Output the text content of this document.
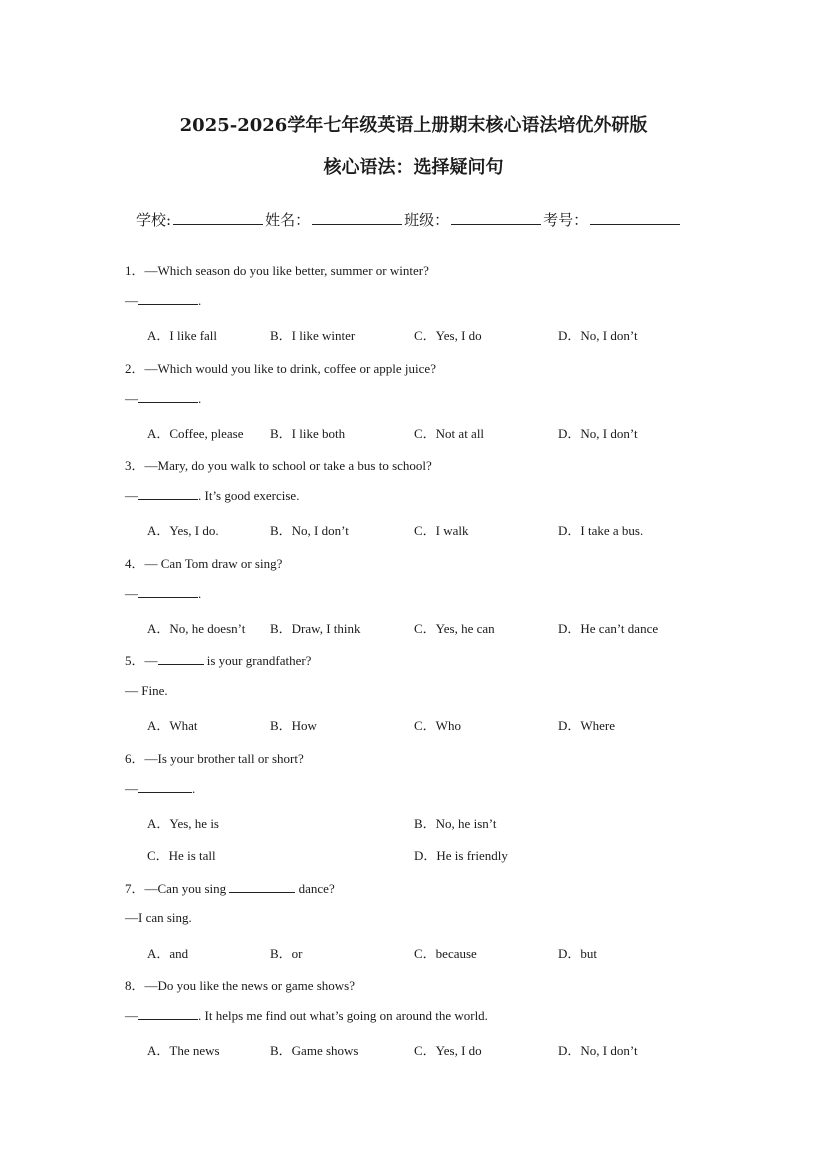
2025-2026学年七年级英语上册期末核心语法培优外研版
核心语法：选择疑问句
学校:	姓名：	班级：	考号：
1．—Which season do you like better, summer or winter?
—	.
A．I like fall	B．I like winter	C．Yes, I do	D．No, I don’t
2．—Which would you like to drink, coffee or apple juice?
—	.
A．Coffee, please B．I like both	C．Not at all	D．No, I don’t
3．—Mary, do you walk to school or take a bus to school?
—	. It’s good exercise.
A．Yes, I do.	B．No, I don’t	C．I walk	D．I take a bus.
4．— Can Tom draw or sing?
—	.
A．No, he doesn’t B．Draw, I think	C．Yes, he can	D．He can’t dance
5．—	is your grandfather?
— Fine.
A．What	B．How	C．Who	D．Where
6．—Is your brother tall or short?
—	.
A．Yes, he is	B．No, he isn’t
C．He is tall	D．He is friendly
7．—Can you sing	dance?
—I can sing.
A．and	B．or	C．because	D．but
8．—Do you like the news or game shows?
—	. It helps me find out what’s going on around the world.
A．The news	B．Game shows	C．Yes, I do	D．No, I don’t
